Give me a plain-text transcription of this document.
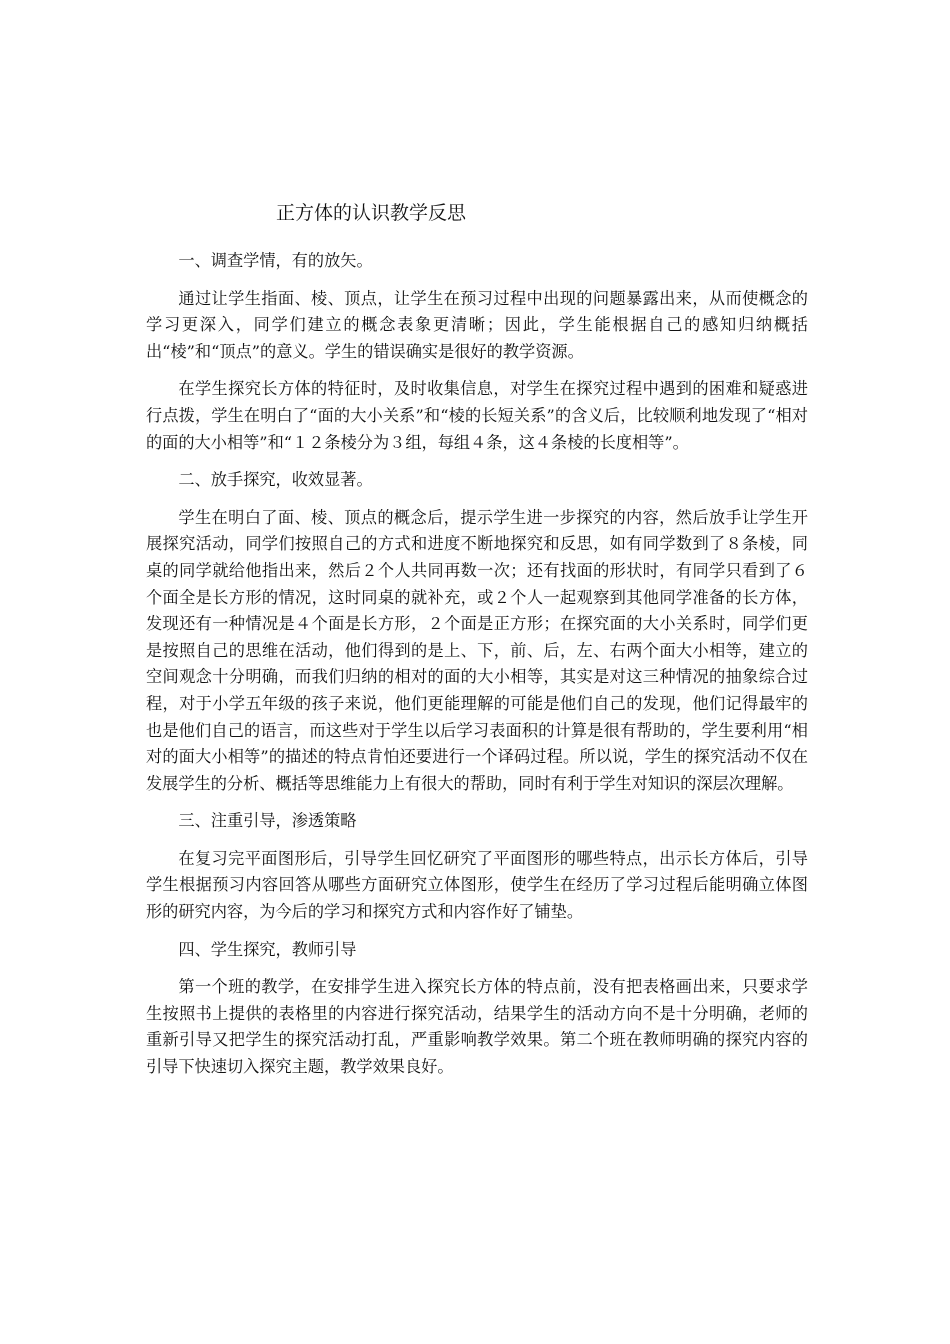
正方体的认识教学反思

一、调查学情，有的放矢。

通过让学生指面、棱、顶点，让学生在预习过程中出现的问题暴露出来，从而使概念的学习更深入，同学们建立的概念表象更清晰；因此，学生能根据自己的感知归纳概括出“棱”和“顶点”的意义。学生的错误确实是很好的教学资源。

在学生探究长方体的特征时，及时收集信息，对学生在探究过程中遇到的困难和疑惑进行点拨，学生在明白了“面的大小关系”和“棱的长短关系”的含义后，比较顺利地发现了“相对的面的大小相等”和“１２条棱分为３组，每组４条，这４条棱的长度相等”。

二、放手探究，收效显著。

学生在明白了面、棱、顶点的概念后，提示学生进一步探究的内容，然后放手让学生开展探究活动，同学们按照自己的方式和进度不断地探究和反思，如有同学数到了８条棱，同桌的同学就给他指出来，然后２个人共同再数一次；还有找面的形状时，有同学只看到了６个面全是长方形的情况，这时同桌的就补充，或２个人一起观察到其他同学准备的长方体，发现还有一种情况是４个面是长方形，２个面是正方形；在探究面的大小关系时，同学们更是按照自己的思维在活动，他们得到的是上、下，前、后，左、右两个面大小相等，建立的空间观念十分明确，而我们归纳的相对的面的大小相等，其实是对这三种情况的抽象综合过程，对于小学五年级的孩子来说，他们更能理解的可能是他们自己的发现，他们记得最牢的也是他们自己的语言，而这些对于学生以后学习表面积的计算是很有帮助的，学生要利用“相对的面大小相等”的描述的特点肯怕还要进行一个译码过程。所以说，学生的探究活动不仅在发展学生的分析、概括等思维能力上有很大的帮助，同时有利于学生对知识的深层次理解。

三、注重引导，渗透策略

在复习完平面图形后，引导学生回忆研究了平面图形的哪些特点，出示长方体后，引导学生根据预习内容回答从哪些方面研究立体图形，使学生在经历了学习过程后能明确立体图形的研究内容，为今后的学习和探究方式和内容作好了铺垫。

四、学生探究，教师引导

第一个班的教学，在安排学生进入探究长方体的特点前，没有把表格画出来，只要求学生按照书上提供的表格里的内容进行探究活动，结果学生的活动方向不是十分明确，老师的重新引导又把学生的探究活动打乱，严重影响教学效果。第二个班在教师明确的探究内容的引导下快速切入探究主题，教学效果良好。
